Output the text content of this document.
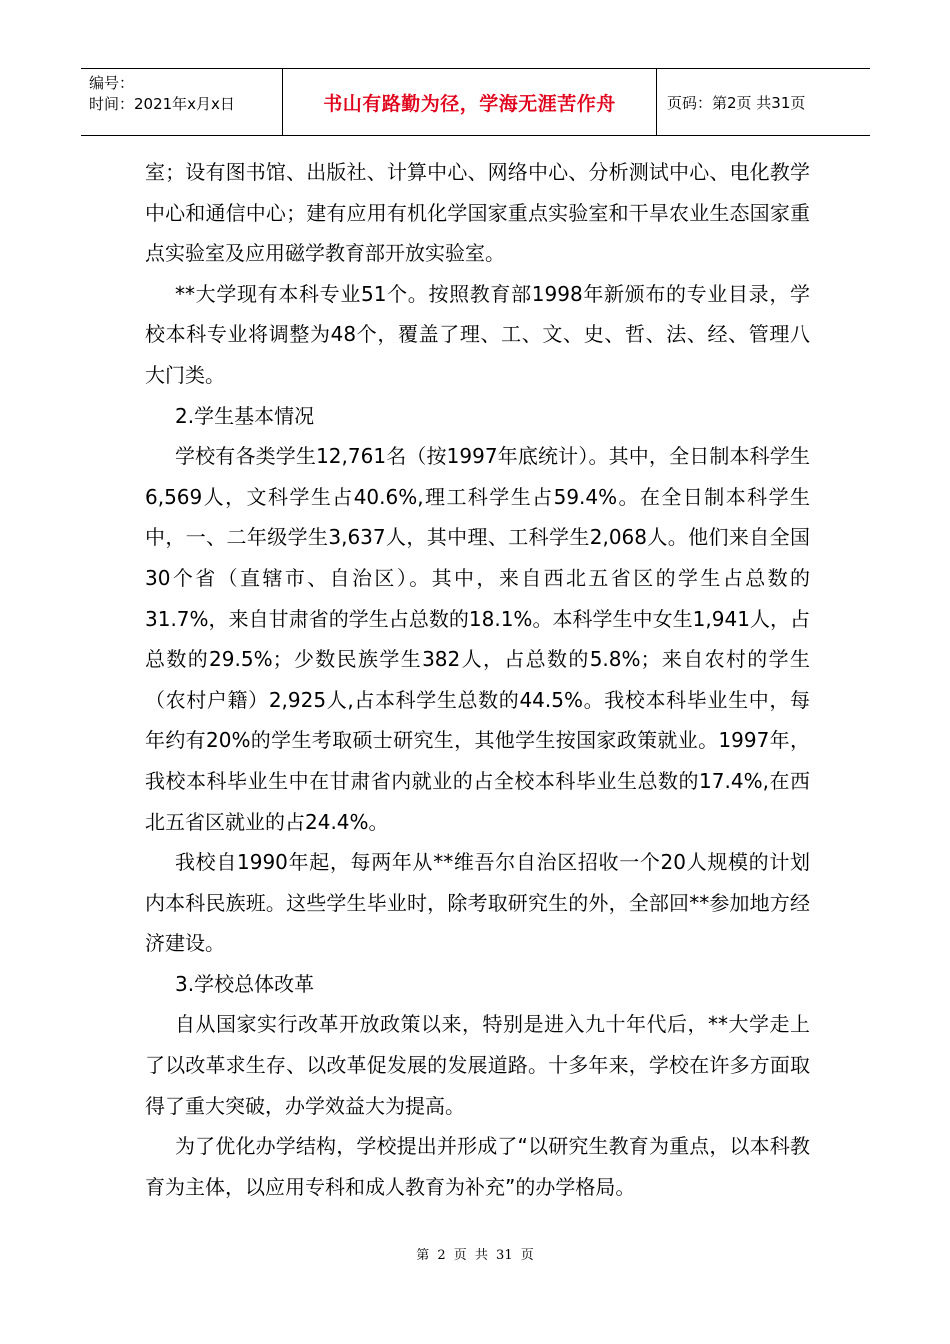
编号：
时间：2021年x月x日	书山有路勤为径，学海无涯苦作舟	页码：第2页 共31页

室；设有图书馆、出版社、计算中心、网络中心、分析测试中心、电化教学中心和通信中心；建有应用有机化学国家重点实验室和干旱农业生态国家重点实验室及应用磁学教育部开放实验室。

**大学现有本科专业51个。按照教育部1998年新颁布的专业目录，学校本科专业将调整为48个，覆盖了理、工、文、史、哲、法、经、管理八大门类。

2.学生基本情况

学校有各类学生12,761名（按1997年底统计）。其中，全日制本科学生6,569人，文科学生占40.6%,理工科学生占59.4%。在全日制本科学生中，一、二年级学生3,637人，其中理、工科学生2,068人。他们来自全国30个省（直辖市、自治区）。其中，来自西北五省区的学生占总数的31.7%，来自甘肃省的学生占总数的18.1%。本科学生中女生1,941人，占总数的29.5%；少数民族学生382人，占总数的5.8%；来自农村的学生（农村户籍）2,925人,占本科学生总数的44.5%。我校本科毕业生中，每年约有20%的学生考取硕士研究生，其他学生按国家政策就业。1997年，我校本科毕业生中在甘肃省内就业的占全校本科毕业生总数的17.4%,在西北五省区就业的占24.4%。

我校自1990年起，每两年从**维吾尔自治区招收一个20人规模的计划内本科民族班。这些学生毕业时，除考取研究生的外，全部回**参加地方经济建设。

3.学校总体改革

自从国家实行改革开放政策以来，特别是进入九十年代后，**大学走上了以改革求生存、以改革促发展的发展道路。十多年来，学校在许多方面取得了重大突破，办学效益大为提高。

为了优化办学结构，学校提出并形成了“以研究生教育为重点，以本科教育为主体，以应用专科和成人教育为补充”的办学格局。

第 2 页 共 31 页
